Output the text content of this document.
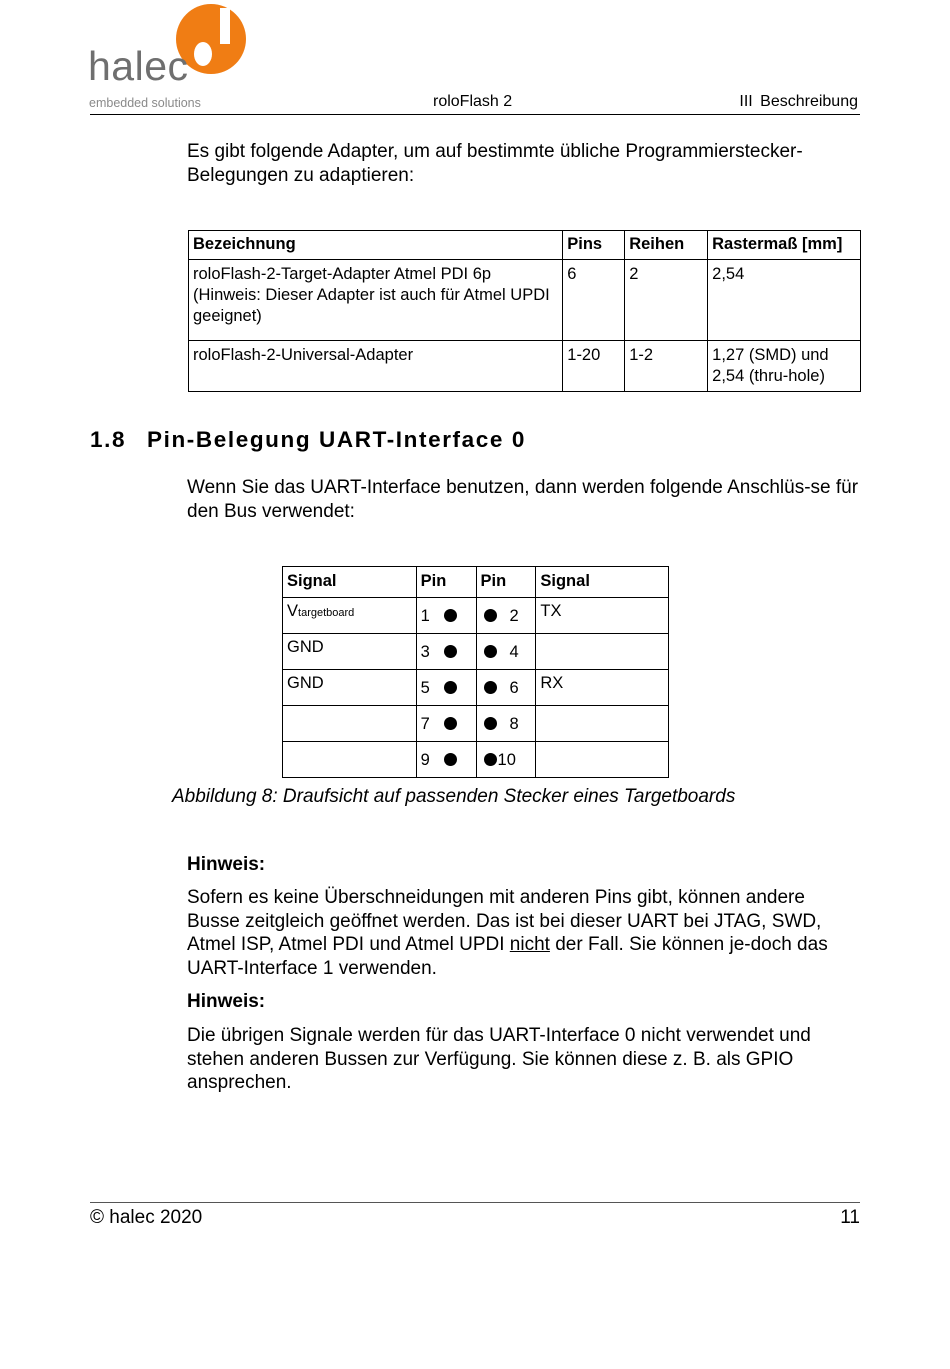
halec
embedded solutions	roloFlash 2	III Beschreibung

Es gibt folgende Adapter, um auf bestimmte übliche Programmierstecker-Belegungen zu adaptieren:

Bezeichnung	Pins	Reihen	Rastermaß [mm]
roloFlash-2-Target-Adapter Atmel PDI 6p (Hinweis: Dieser Adapter ist auch für Atmel UPDI geeignet)	6	2	2,54
roloFlash-2-Universal-Adapter	1-20	1-2	1,27 (SMD) und 2,54 (thru-hole)
1.8 Pin-Belegung UART-Interface 0

Wenn Sie das UART-Interface benutzen, dann werden folgende Anschlüs-se für den Bus verwendet:

Signal	Pin	Pin	Signal
Vtargetboard	1	2	TX
GND	3	4	

GND	5	6	RX

	7	8	

	9	10	

Abbildung 8: Draufsicht auf passenden Stecker eines Targetboards

Hinweis:

Sofern es keine Überschneidungen mit anderen Pins gibt, können andere Busse zeitgleich geöffnet werden. Das ist bei dieser UART bei JTAG, SWD, Atmel ISP, Atmel PDI und Atmel UPDI nicht der Fall. Sie können je-doch das UART-Interface 1 verwenden.

Hinweis:

Die übrigen Signale werden für das UART-Interface 0 nicht verwendet und stehen anderen Bussen zur Verfügung. Sie können diese z. B. als GPIO ansprechen.

© halec 2020	11
